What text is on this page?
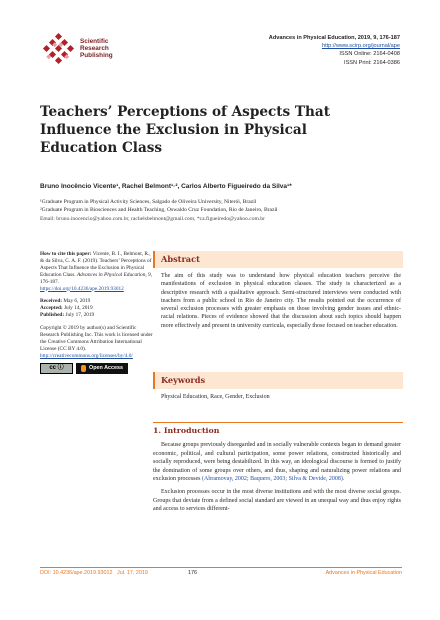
Scientific
Research
Publishing
Advances in Physical Education, 2019, 9, 176-187
http://www.scirp.org/journal/ape
ISSN Online: 2164-0408
ISSN Print: 2164-0386
Teachers’ Perceptions of Aspects That Influence the Exclusion in Physical Education Class
Bruno Inocêncio Vicente¹, Rachel Belmont¹·², Carlos Alberto Figueiredo da Silva¹*
¹Graduate Program in Physical Activity Sciences, Salgado de Oliveira University, Niterói, Brazil
²Graduate Program in Biosciences and Health Teaching, Oswaldo Cruz Foundation, Rio de Janeiro, Brazil
Email: bruno.inocencio@yahoo.com.br, rachelsbelmont@gmail.com, *ca.figueiredo@yahoo.com.br
How to cite this paper: Vicente, B. I., Belmont, R., & da Silva, C. A. F. (2019). Teachers’ Perceptions of Aspects That Influence the Exclusion in Physical Education Class. Advances in Physical Education, 9, 176-187.
https://doi.org/10.4236/ape.2019.93012
Received: May 6, 2019
Accepted: July 14, 2019
Published: July 17, 2019
Copyright © 2019 by author(s) and Scientific Research Publishing Inc. This work is licensed under the Creative Commons Attribution International License (CC BY 4.0).
http://creativecommons.org/licenses/by/4.0/
cc ⓘ	Open Access
Abstract
The aim of this study was to understand how physical education teachers perceive the manifestations of exclusion in physical education classes. The study is characterized as a descriptive research with a qualitative approach. Semi-structured interviews were conducted with teachers from a public school in Rio de Janeiro city. The results pointed out the occurrence of several exclusion processes with greater emphasis on those involving gender issues and ethnic-racial relations. Pieces of evidence showed that the discussion about such topics should happen more effectively and present in university curricula, especially those focused on teacher education.
Keywords
Physical Education, Race, Gender, Exclusion
1. Introduction

Because groups previously disregarded and in socially vulnerable contexts began to demand greater economic, political, and cultural participation, some power relations, constructed historically and socially reproduced, were being destabilized. In this way, an ideological discourse is formed to justify the domination of some groups over others, and thus, shaping and naturalizing power relations and exclusion processes (Abramovay, 2002; Baquero, 2003; Silva & Devide, 2008).

Exclusion processes occur in the most diverse institutions and with the most diverse social groups. Groups that deviate from a defined social standard are viewed in an unequal way and thus enjoy rights and access to services different-

DOI: 10.4236/ape.2019.93012 Jul. 17, 2019	176	Advances in Physical Education
